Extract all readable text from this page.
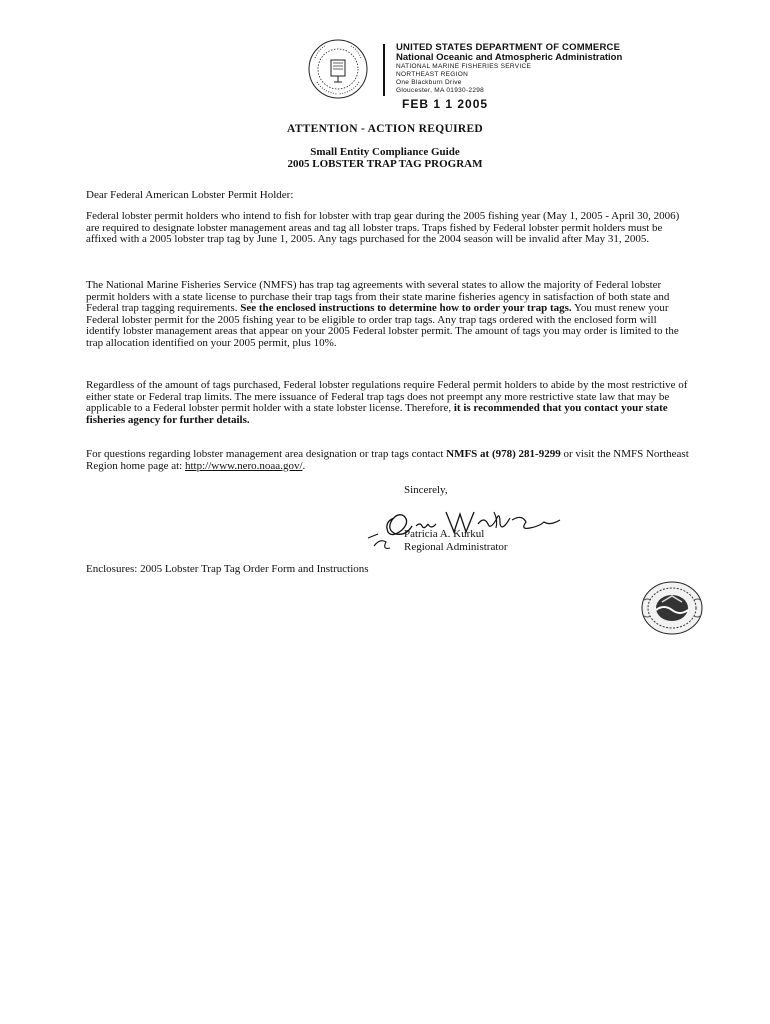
UNITED STATES DEPARTMENT OF COMMERCE
National Oceanic and Atmospheric Administration
NATIONAL MARINE FISHERIES SERVICE
NORTHEAST REGION
One Blackburn Drive
Gloucester, MA 01930-2298
FEB 1 1 2005
ATTENTION - ACTION REQUIRED
Small Entity Compliance Guide
2005 LOBSTER TRAP TAG PROGRAM
Dear Federal American Lobster Permit Holder:

Federal lobster permit holders who intend to fish for lobster with trap gear during the 2005 fishing year (May 1, 2005 - April 30, 2006) are required to designate lobster management areas and tag all lobster traps. Traps fished by Federal lobster permit holders must be affixed with a 2005 lobster trap tag by June 1, 2005. Any tags purchased for the 2004 season will be invalid after May 31, 2005.

The National Marine Fisheries Service (NMFS) has trap tag agreements with several states to allow the majority of Federal lobster permit holders with a state license to purchase their trap tags from their state marine fisheries agency in satisfaction of both state and Federal trap tagging requirements. See the enclosed instructions to determine how to order your trap tags. You must renew your Federal lobster permit for the 2005 fishing year to be eligible to order trap tags. Any trap tags ordered with the enclosed form will identify lobster management areas that appear on your 2005 Federal lobster permit. The amount of tags you may order is limited to the trap allocation identified on your 2005 permit, plus 10%.

Regardless of the amount of tags purchased, Federal lobster regulations require Federal permit holders to abide by the most restrictive of either state or Federal trap limits. The mere issuance of Federal trap tags does not preempt any more restrictive state law that may be applicable to a Federal lobster permit holder with a state lobster license. Therefore, it is recommended that you contact your state fisheries agency for further details.

For questions regarding lobster management area designation or trap tags contact NMFS at (978) 281-9299 or visit the NMFS Northeast Region home page at: http://www.nero.noaa.gov/.

Sincerely,
Patricia A. Kurkul
Regional Administrator
Enclosures: 2005 Lobster Trap Tag Order Form and Instructions
